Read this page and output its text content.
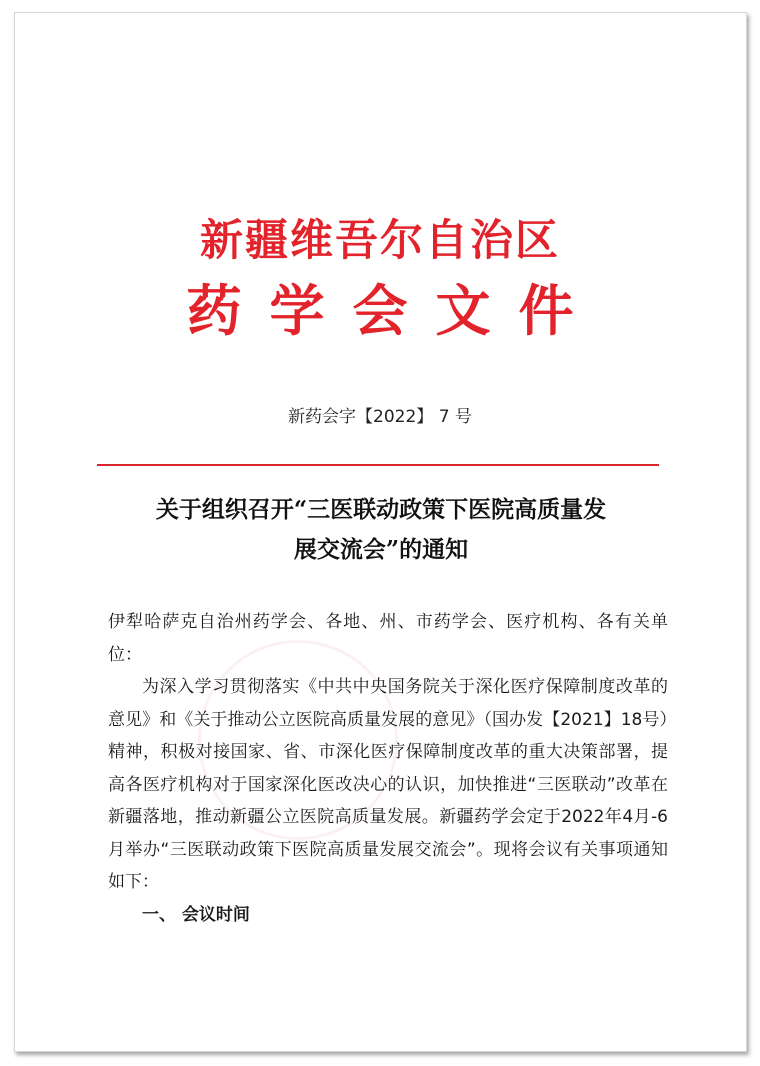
新疆维吾尔自治区
药学会文件
新药会字【2022】 7 号
关于组织召开“三医联动政策下医院高质量发
展交流会”的通知

伊犁哈萨克自治州药学会、各地、州、市药学会、医疗机构、各有关单位：

为深入学习贯彻落实《中共中央国务院关于深化医疗保障制度改革的意见》和《关于推动公立医院高质量发展的意见》（国办发【2021】18号）精神，积极对接国家、省、市深化医疗保障制度改革的重大决策部署，提高各医疗机构对于国家深化医改决心的认识，加快推进“三医联动”改革在新疆落地，推动新疆公立医院高质量发展。新疆药学会定于2022年4月-6月举办“三医联动政策下医院高质量发展交流会”。现将会议有关事项通知如下：

一、 会议时间
